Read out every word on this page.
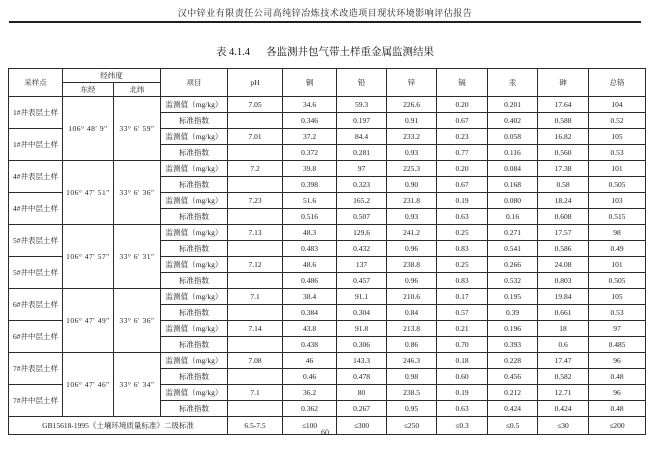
汉中锌业有限责任公司高纯锌冶炼技术改造项目现状环境影响评估报告
表 4.1.4 各监测井包气带土样重金属监测结果
采样点	经纬度		项目	pH	铜	铅	锌	镉	汞	砷	总铬
	东经	北纬									
1#井表层土样	106° 48′ 9″	33° 6′ 59″	监测值（mg/kg）	7.05	34.6	59.3	226.6	0.20	0.201	17.64	104
			标准指数		0.346	0.197	0.91	0.67	0.402	0.588	0.52
1#井中层土样			监测值（mg/kg）	7.01	37.2	84.4	233.2	0.23	0.058	16.82	105
			标准指数		0.372	0.281	0.93	0.77	0.116	0.560	0.53
4#井表层土样	106° 47′ 51″	33° 6′ 36″	监测值（mg/kg）	7.2	39.8	97	225.3	0.20	0.084	17.38	101
			标准指数		0.398	0.323	0.90	0.67	0.168	0.58	0.505
4#井中层土样			监测值（mg/kg）	7.23	51.6	165.2	231.8	0.19	0.080	18.24	103
			标准指数		0.516	0.507	0.93	0.63	0.16	0.608	0.515
5#井表层土样	106° 47′ 57″	33° 6′ 31″	监测值（mg/kg）	7.13	48.3	129.6	241.2	0.25	0.271	17.57	98
			标准指数		0.483	0.432	0.96	0.83	0.541	0.586	0.49
5#井中层土样			监测值（mg/kg）	7.12	48.6	137	238.8	0.25	0.266	24.08	101
			标准指数		0.486	0.457	0.96	0.83	0.532	0.803	0.505
6#井表层土样	106° 47′ 49″	33° 6′ 36″	监测值（mg/kg）	7.1	38.4	91.1	210.6	0.17	0.195	19.84	105
			标准指数		0.384	0.304	0.84	0.57	0.39	0.661	0.53
6#井中层土样			监测值（mg/kg）	7.14	43.8	91.8	213.8	0.21	0.196	18	97
			标准指数		0.438	0.306	0.86	0.70	0.393	0.6	0.485
7#井表层土样	106° 47′ 46″	33° 6′ 34″	监测值（mg/kg）	7.08	46	143.3	246.3	0.18	0.228	17.47	96
			标准指数		0.46	0.478	0.98	0.60	0.456	0.582	0.48
7#井中层土样			监测值（mg/kg）	7.1	36.2	80	238.5	0.19	0.212	12.71	96
			标准指数		0.362	0.267	0.95	0.63	0.424	0.424	0.48
GB15618-1995《土壤环境质量标准》二级标准				6.5-7.5	≤100	≤300	≤250	≤0.3	≤0.5	≤30	≤200
60
